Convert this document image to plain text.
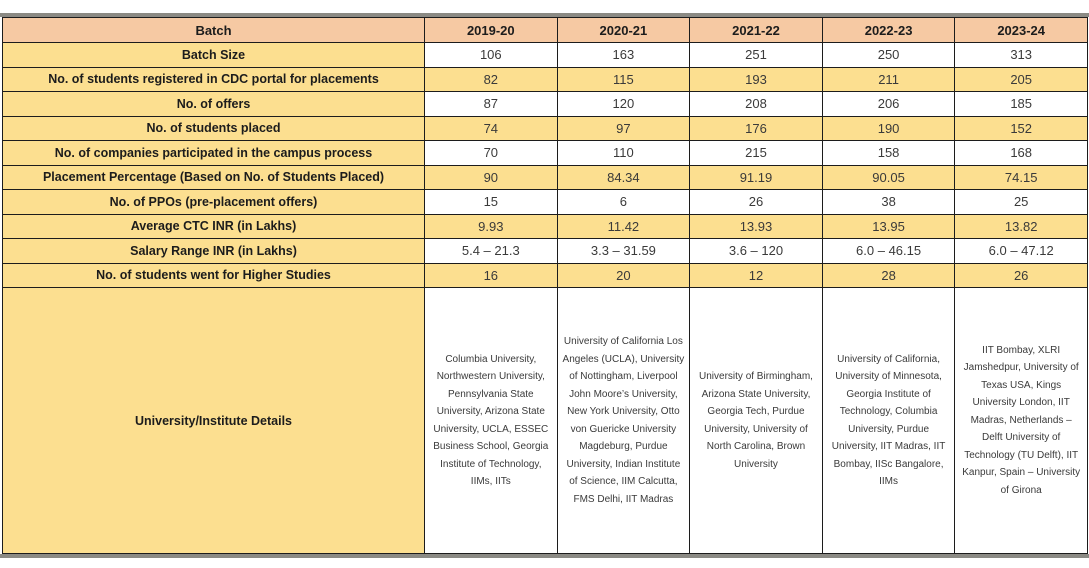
Batch	2019-20	2020-21	2021-22	2022-23	2023-24
Batch Size	106	163	251	250	313
No. of students registered in CDC portal for placements	82	115	193	211	205
No. of offers	87	120	208	206	185
No. of students placed	74	97	176	190	152
No. of companies participated in the campus process	70	110	215	158	168
Placement Percentage (Based on No. of Students Placed)	90	84.34	91.19	90.05	74.15
No. of PPOs (pre-placement offers)	15	6	26	38	25
Average CTC INR (in Lakhs)	9.93	11.42	13.93	13.95	13.82
Salary Range INR (in Lakhs)	5.4 – 21.3	3.3 – 31.59	3.6 – 120	6.0 – 46.15	6.0 – 47.12
No. of students went for Higher Studies	16	20	12	28	26
University/Institute Details	Columbia University, Northwestern University, Pennsylvania State University, Arizona State University, UCLA, ESSEC Business School, Georgia Institute of Technology, IIMs, IITs	University of California Los Angeles (UCLA), University of Nottingham, Liverpool John Moore’s University, New York University, Otto von Guericke University Magdeburg, Purdue University, Indian Institute of Science, IIM Calcutta, FMS Delhi, IIT Madras	University of Birmingham, Arizona State University, Georgia Tech, Purdue University, University of North Carolina, Brown University	University of California, University of Minnesota, Georgia Institute of Technology, Columbia University, Purdue University, IIT Madras, IIT Bombay, IISc Bangalore, IIMs	IIT Bombay, XLRI Jamshedpur, University of Texas USA, Kings University London, IIT Madras, Netherlands – Delft University of Technology (TU Delft), IIT Kanpur, Spain – University of Girona
